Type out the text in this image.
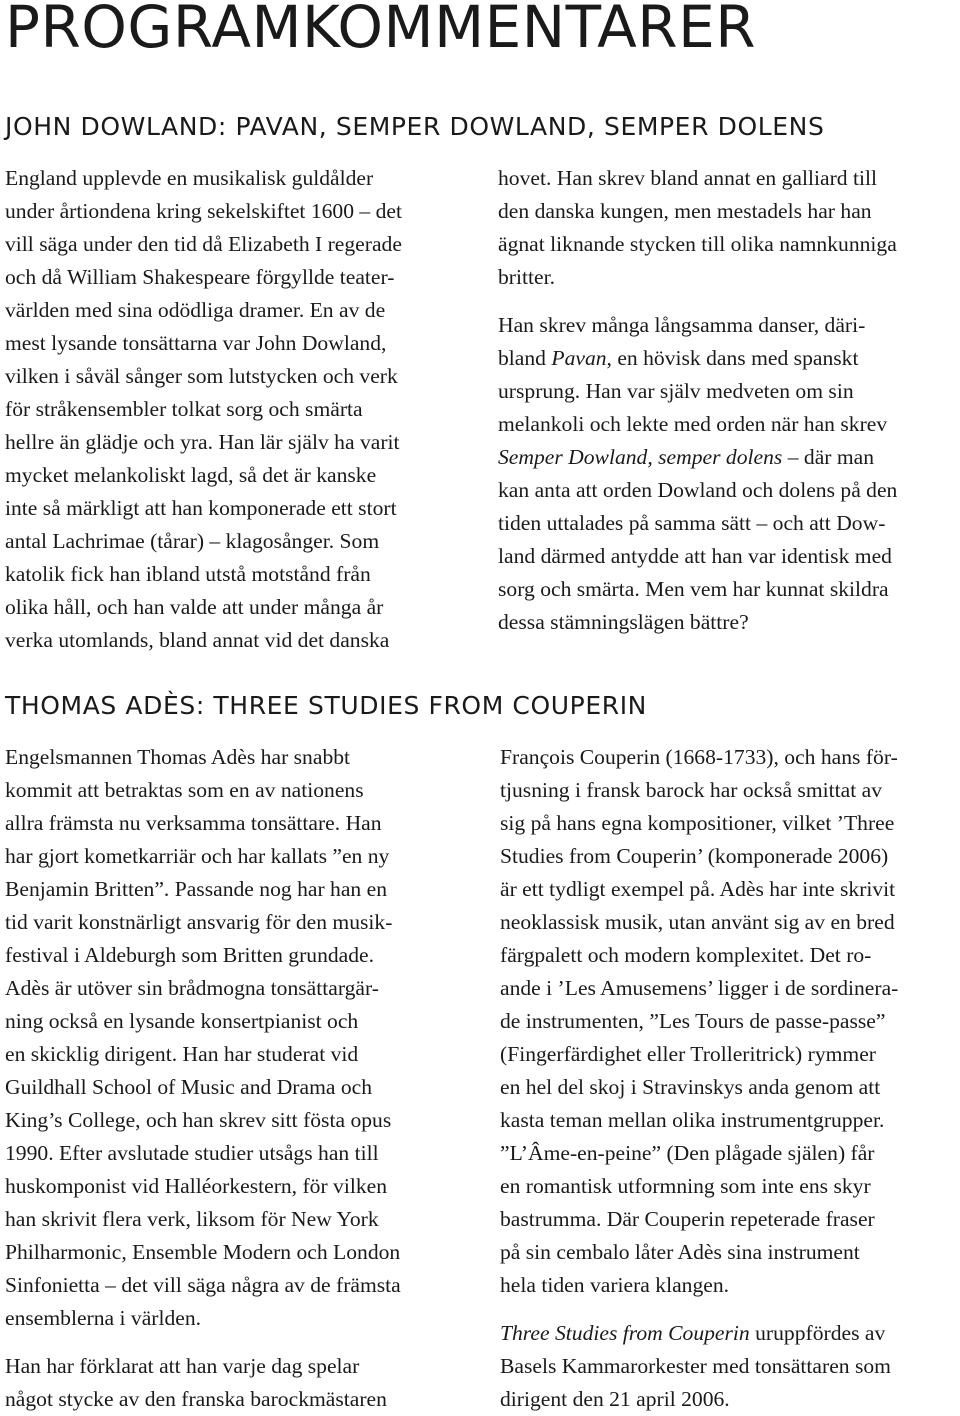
PROGRAMKOMMENTARER
JOHN DOWLAND: PAVAN, SEMPER DOWLAND, SEMPER DOLENS

England upplevde en musikalisk guldålder
under årtiondena kring sekelskiftet 1600 – det
vill säga under den tid då Elizabeth I regerade
och då William Shakespeare förgyllde teater-
världen med sina odödliga dramer. En av de
mest lysande tonsättarna var John Dowland,
vilken i såväl sånger som lutstycken och verk
för stråkensembler tolkat sorg och smärta
hellre än glädje och yra. Han lär själv ha varit
mycket melankoliskt lagd, så det är kanske
inte så märkligt att han komponerade ett stort
antal Lachrimae (tårar) – klagosånger. Som
katolik fick han ibland utstå motstånd från
olika håll, och han valde att under många år
verka utomlands, bland annat vid det danska

hovet. Han skrev bland annat en galliard till
den danska kungen, men mestadels har han
ägnat liknande stycken till olika namnkunniga
britter.

Han skrev många långsamma danser, däri-
bland Pavan, en hövisk dans med spanskt
ursprung. Han var själv medveten om sin
melankoli och lekte med orden när han skrev
Semper Dowland, semper dolens – där man
kan anta att orden Dowland och dolens på den
tiden uttalades på samma sätt – och att Dow-
land därmed antydde att han var identisk med
sorg och smärta. Men vem har kunnat skildra
dessa stämningslägen bättre?

THOMAS ADÈS: THREE STUDIES FROM COUPERIN

Engelsmannen Thomas Adès har snabbt
kommit att betraktas som en av nationens
allra främsta nu verksamma tonsättare. Han
har gjort kometkarriär och har kallats ”en ny
Benjamin Britten”. Passande nog har han en
tid varit konstnärligt ansvarig för den musik-
festival i Aldeburgh som Britten grundade.
Adès är utöver sin brådmogna tonsättargär-
ning också en lysande konsertpianist och
en skicklig dirigent. Han har studerat vid
Guildhall School of Music and Drama och
King’s College, och han skrev sitt fösta opus
1990. Efter avslutade studier utsågs han till
huskomponist vid Halléorkestern, för vilken
han skrivit flera verk, liksom för New York
Philharmonic, Ensemble Modern och London
Sinfonietta – det vill säga några av de främsta
ensemblerna i världen.

Han har förklarat att han varje dag spelar
något stycke av den franska barockmästaren

François Couperin (1668-1733), och hans för-
tjusning i fransk barock har också smittat av
sig på hans egna kompositioner, vilket ’Three
Studies from Couperin’ (komponerade 2006)
är ett tydligt exempel på. Adès har inte skrivit
neoklassisk musik, utan använt sig av en bred
färgpalett och modern komplexitet. Det ro-
ande i ’Les Amusemens’ ligger i de sordinera-
de instrumenten, ”Les Tours de passe-passe”
(Fingerfärdighet eller Trolleritrick) rymmer
en hel del skoj i Stravinskys anda genom att
kasta teman mellan olika instrumentgrupper.
”L’Âme-en-peine” (Den plågade själen) får
en romantisk utformning som inte ens skyr
bastrumma. Där Couperin repeterade fraser
på sin cembalo låter Adès sina instrument
hela tiden variera klangen.

Three Studies from Couperin uruppfördes av
Basels Kammarorkester med tonsättaren som
dirigent den 21 april 2006.
